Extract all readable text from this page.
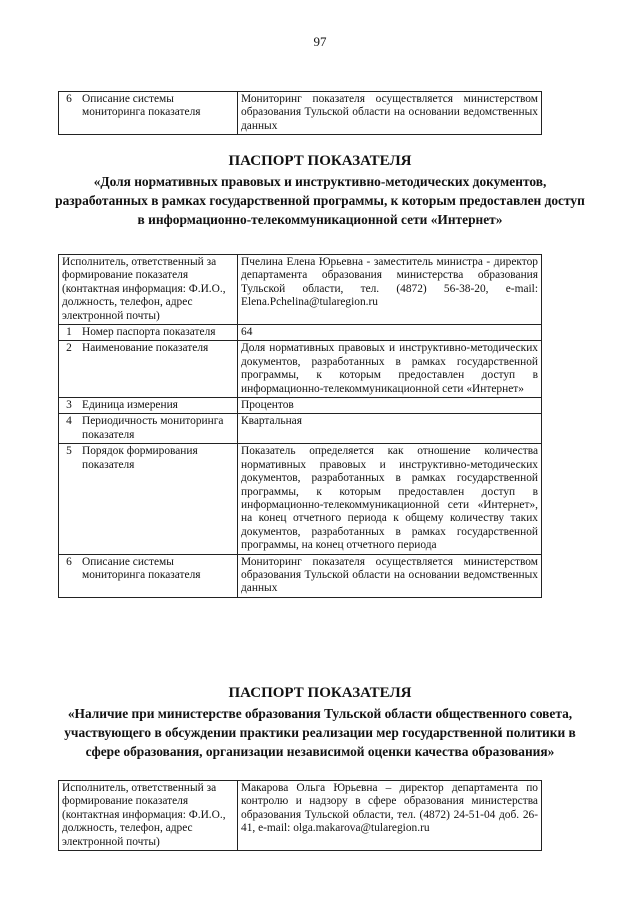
97
6	Описание системы мониторинга показателя	Мониторинг показателя осуществляется министерством образования Тульской области на основании ведомственных данных
ПАСПОРТ ПОКАЗАТЕЛЯ
«Доля нормативных правовых и инструктивно-методических документов, разработанных в рамках государственной программы, к которым предоставлен доступ в информационно-телекоммуникационной сети «Интернет»
Исполнитель, ответственный за формирование показателя (контактная информация: Ф.И.О., должность, телефон, адрес электронной почты)		Пчелина Елена Юрьевна - заместитель министра - директор департамента образования министерства образования Тульской области, тел. (4872) 56-38-20, e-mail: Elena.Pchelina@tularegion.ru
1	Номер паспорта показателя	64
2	Наименование показателя	Доля нормативных правовых и инструктивно-методических документов, разработанных в рамках государственной программы, к которым предоставлен доступ в информационно-телекоммуникационной сети «Интернет»
3	Единица измерения	Процентов
4	Периодичность мониторинга показателя	Квартальная
5	Порядок формирования показателя	Показатель определяется как отношение количества нормативных правовых и инструктивно-методических документов, разработанных в рамках государственной программы, к которым предоставлен доступ в информационно-телекоммуникационной сети «Интернет», на конец отчетного периода к общему количеству таких документов, разработанных в рамках государственной программы, на конец отчетного периода
6	Описание системы мониторинга показателя	Мониторинг показателя осуществляется министерством образования Тульской области на основании ведомственных данных
ПАСПОРТ ПОКАЗАТЕЛЯ
«Наличие при министерстве образования Тульской области общественного совета, участвующего в обсуждении практики реализации мер государственной политики в сфере образования, организации независимой оценки качества образования»
Исполнитель, ответственный за формирование показателя (контактная информация: Ф.И.О., должность, телефон, адрес электронной почты)	Макарова Ольга Юрьевна – директор департамента по контролю и надзору в сфере образования министерства образования Тульской области, тел. (4872) 24-51-04 доб. 26-41, e-mail: olga.makarova@tularegion.ru
